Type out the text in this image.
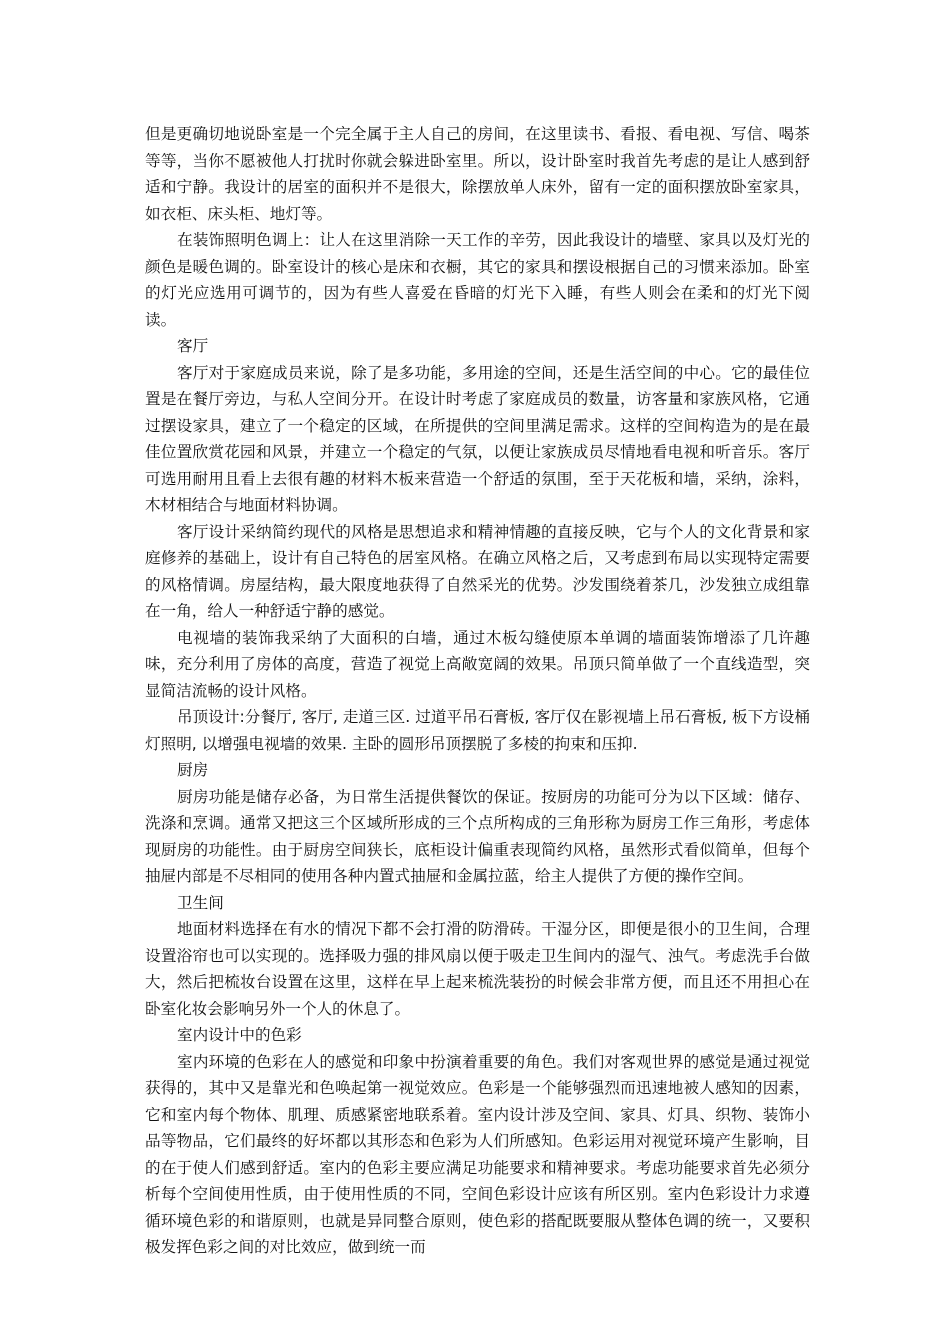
但是更确切地说卧室是一个完全属于主人自己的房间，在这里读书、看报、看电视、写信、喝茶等等，当你不愿被他人打扰时你就会躲进卧室里。所以，设计卧室时我首先考虑的是让人感到舒适和宁静。我设计的居室的面积并不是很大，除摆放单人床外，留有一定的面积摆放卧室家具，如衣柜、床头柜、地灯等。

在装饰照明色调上：让人在这里消除一天工作的辛劳，因此我设计的墙壁、家具以及灯光的颜色是暖色调的。卧室设计的核心是床和衣橱，其它的家具和摆设根据自己的习惯来添加。卧室的灯光应选用可调节的，因为有些人喜爱在昏暗的灯光下入睡，有些人则会在柔和的灯光下阅读。

客厅

客厅对于家庭成员来说，除了是多功能，多用途的空间，还是生活空间的中心。它的最佳位置是在餐厅旁边，与私人空间分开。在设计时考虑了家庭成员的数量，访客量和家族风格，它通过摆设家具，建立了一个稳定的区域，在所提供的空间里满足需求。这样的空间构造为的是在最佳位置欣赏花园和风景，并建立一个稳定的气氛，以便让家族成员尽情地看电视和听音乐。客厅可选用耐用且看上去很有趣的材料木板来营造一个舒适的氛围，至于天花板和墙，采纳，涂料，木材相结合与地面材料协调。

客厅设计采纳简约现代的风格是思想追求和精神情趣的直接反映，它与个人的文化背景和家庭修养的基础上，设计有自己特色的居室风格。在确立风格之后，又考虑到布局以实现特定需要的风格情调。房屋结构，最大限度地获得了自然采光的优势。沙发围绕着茶几，沙发独立成组靠在一角，给人一种舒适宁静的感觉。

电视墙的装饰我采纳了大面积的白墙，通过木板勾缝使原本单调的墙面装饰增添了几许趣味，充分利用了房体的高度，营造了视觉上高敞宽阔的效果。吊顶只简单做了一个直线造型，突显简洁流畅的设计风格。

吊顶设计:分餐厅, 客厅, 走道三区. 过道平吊石膏板, 客厅仅在影视墙上吊石膏板, 板下方设桶灯照明, 以增强电视墙的效果. 主卧的圆形吊顶摆脱了多棱的拘束和压抑.

厨房

厨房功能是储存必备，为日常生活提供餐饮的保证。按厨房的功能可分为以下区域：储存、洗涤和烹调。通常又把这三个区域所形成的三个点所构成的三角形称为厨房工作三角形，考虑体现厨房的功能性。由于厨房空间狭长，底柜设计偏重表现简约风格，虽然形式看似简单，但每个抽屉内部是不尽相同的使用各种内置式抽屉和金属拉蓝，给主人提供了方便的操作空间。

卫生间

地面材料选择在有水的情况下都不会打滑的防滑砖。干湿分区，即便是很小的卫生间，合理设置浴帘也可以实现的。选择吸力强的排风扇以便于吸走卫生间内的湿气、浊气。考虑洗手台做大，然后把梳妆台设置在这里，这样在早上起来梳洗装扮的时候会非常方便，而且还不用担心在卧室化妆会影响另外一个人的休息了。

室内设计中的色彩

室内环境的色彩在人的感觉和印象中扮演着重要的角色。我们对客观世界的感觉是通过视觉获得的，其中又是靠光和色唤起第一视觉效应。色彩是一个能够强烈而迅速地被人感知的因素，它和室内每个物体、肌理、质感紧密地联系着。室内设计涉及空间、家具、灯具、织物、装饰小品等物品，它们最终的好坏都以其形态和色彩为人们所感知。色彩运用对视觉环境产生影响，目的在于使人们感到舒适。室内的色彩主要应满足功能要求和精神要求。考虑功能要求首先必须分析每个空间使用性质，由于使用性质的不同，空间色彩设计应该有所区别。室内色彩设计力求遵循环境色彩的和谐原则，也就是异同整合原则，使色彩的搭配既要服从整体色调的统一，又要积极发挥色彩之间的对比效应，做到统一而
